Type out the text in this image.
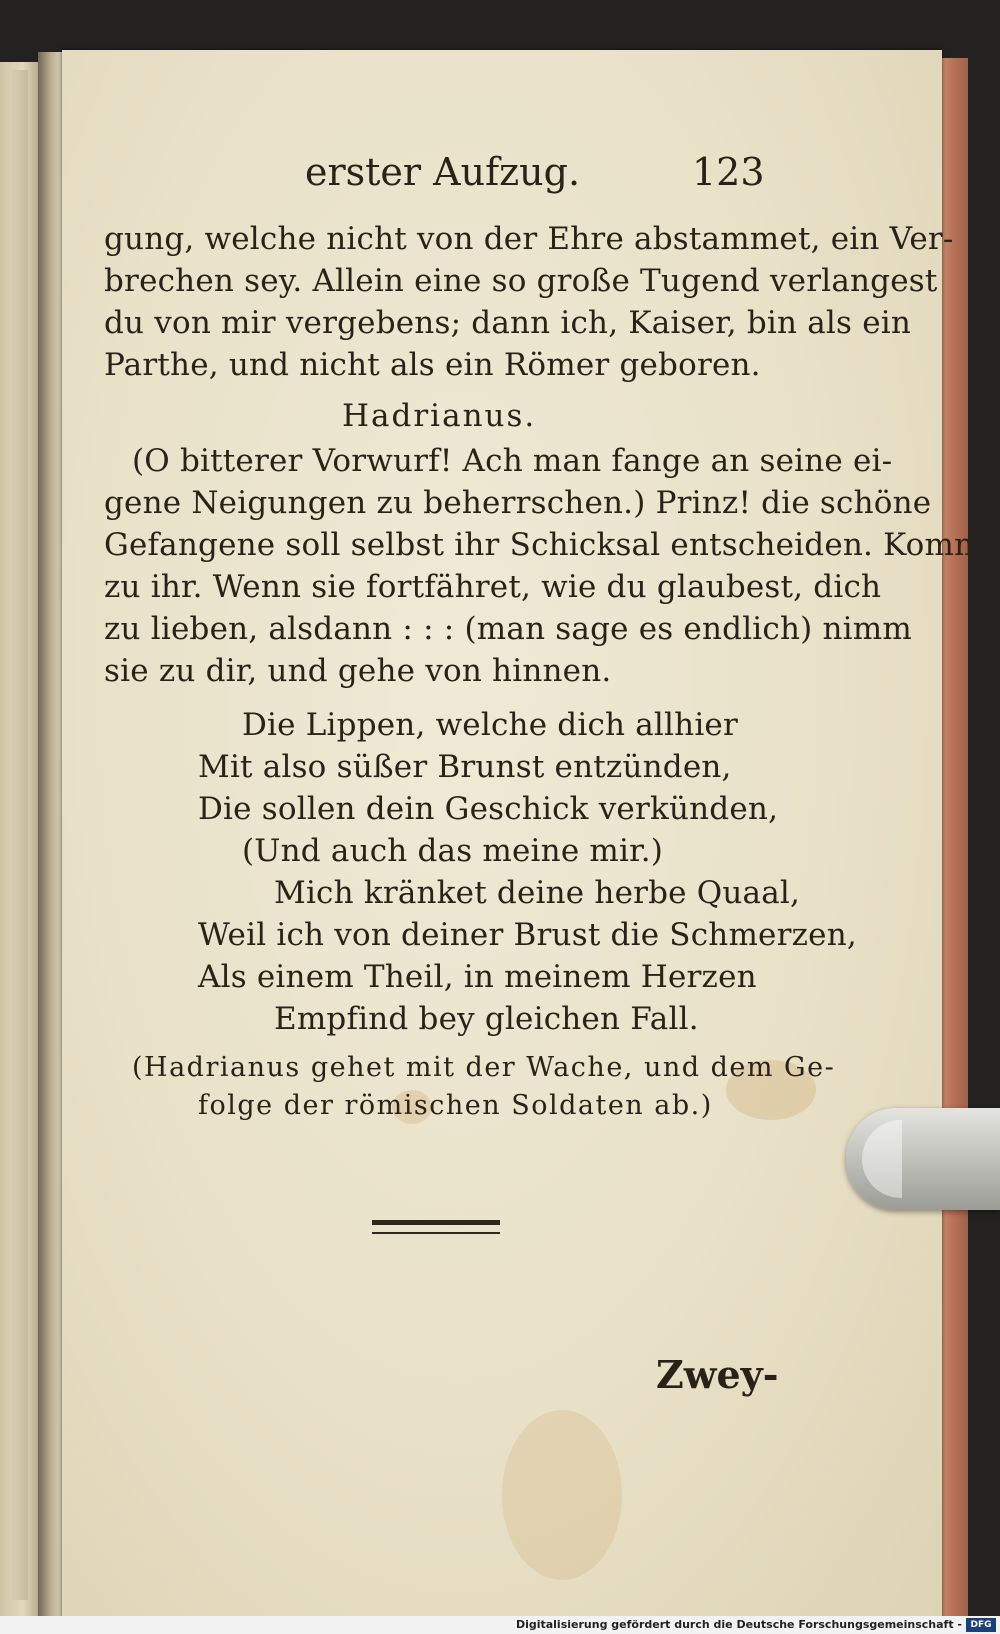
erster Aufzug.	123
gung, welche nicht von der Ehre abstammet, ein Ver-
brechen sey. Allein eine so große Tugend verlangest
du von mir vergebens; dann ich, Kaiser, bin als ein
Parthe, und nicht als ein Römer geboren.
Hadrianus.
(O bitterer Vorwurf! Ach man fange an seine ei-
gene Neigungen zu beherrschen.) Prinz! die schöne
Gefangene soll selbst ihr Schicksal entscheiden. Komm
zu ihr. Wenn sie fortfähret, wie du glaubest, dich
zu lieben, alsdann : : : (man sage es endlich) nimm
sie zu dir, und gehe von hinnen.
Die Lippen, welche dich allhier
Mit also süßer Brunst entzünden,
Die sollen dein Geschick verkünden,
(Und auch das meine mir.)
Mich kränket deine herbe Quaal,
Weil ich von deiner Brust die Schmerzen,
Als einem Theil, in meinem Herzen
Empfind bey gleichen Fall.
(Hadrianus gehet mit der Wache, und dem Ge-
folge der römischen Soldaten ab.)
Zwey-
Digitalisierung gefördert durch die Deutsche Forschungsgemeinschaft - DFG
